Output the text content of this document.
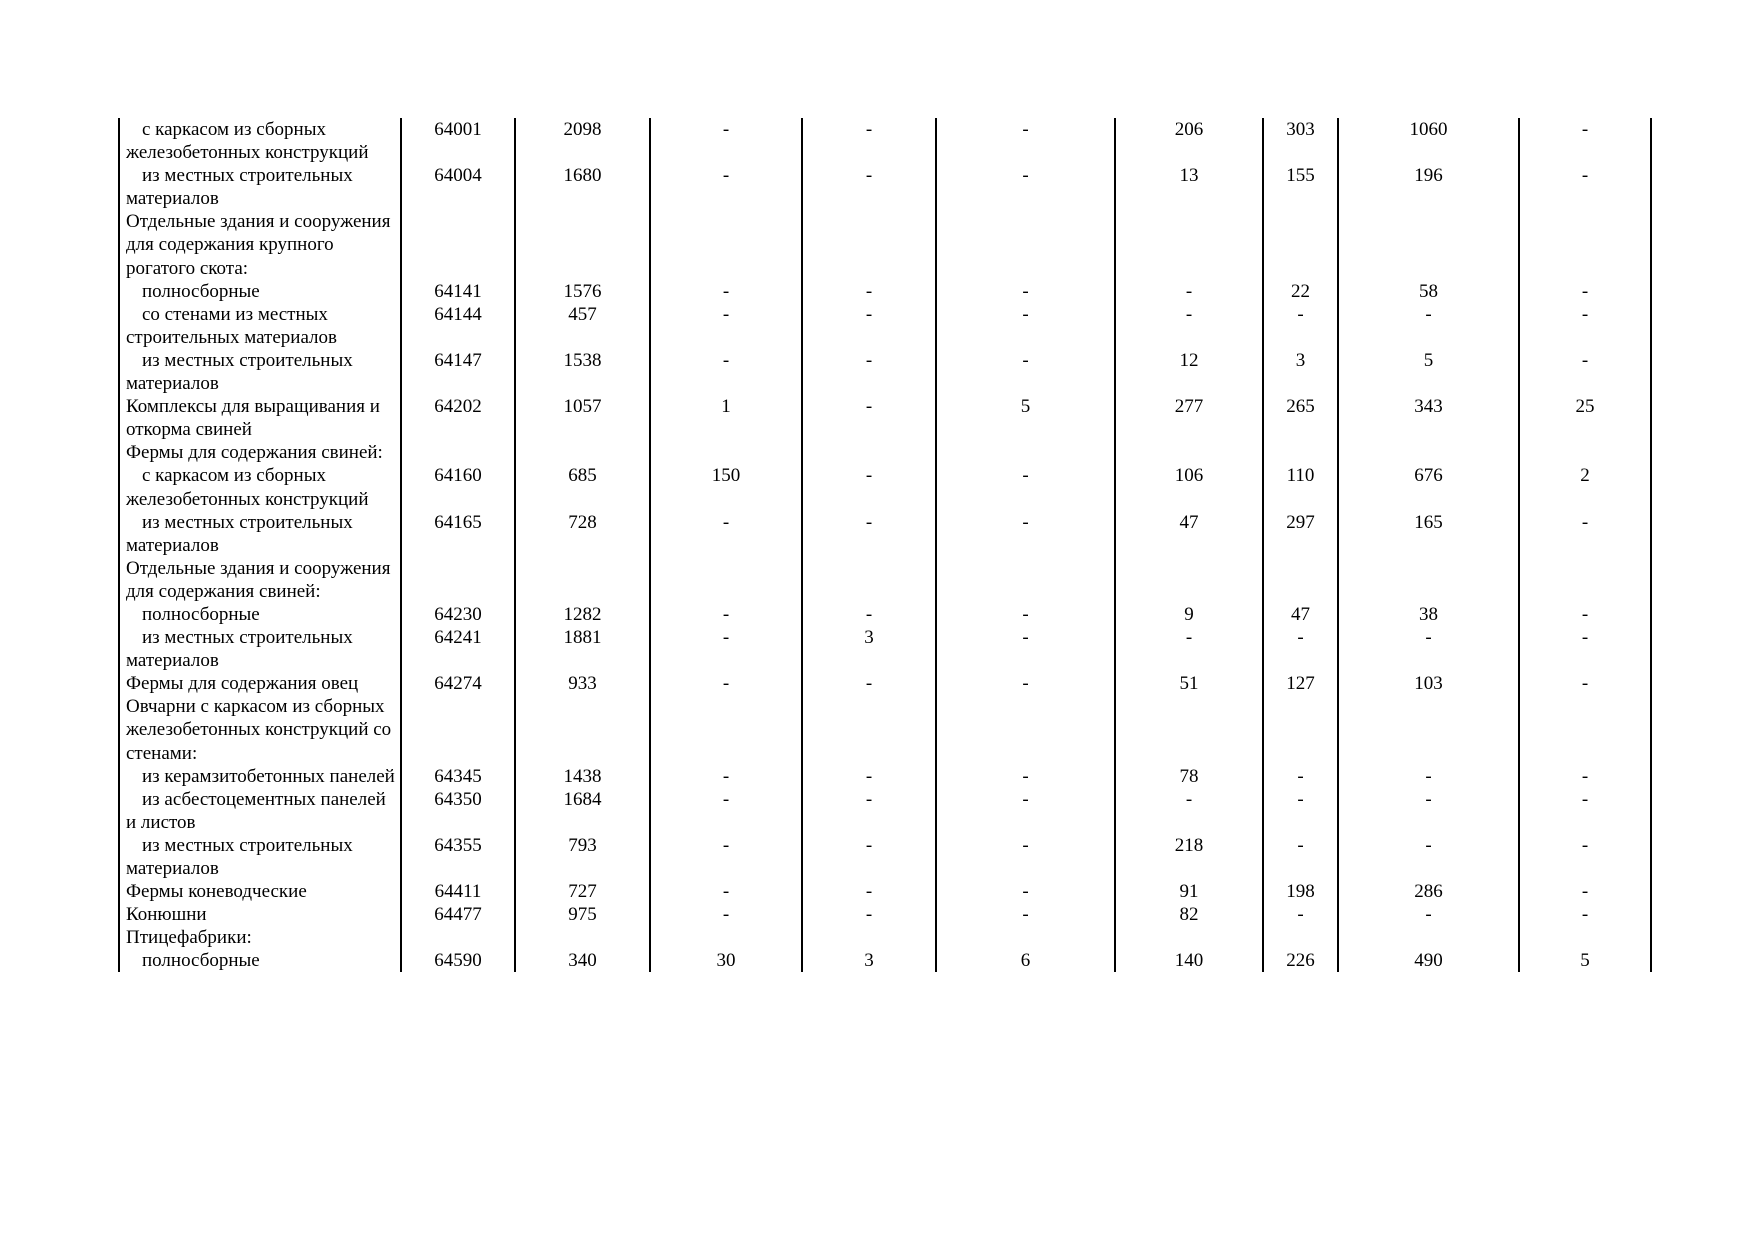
с каркасом из сборных железобетонных конструкций	64001	2098	-	-	-	206	303	1060	-

из местных строительных материалов	64004	1680	-	-	-	13	155	196	-
Отдельные здания и сооружения для содержания крупного рогатого скота:									

полносборные	64141	1576	-	-	-	-	22	58	-

со стенами из местных строительных материалов	64144	457	-	-	-	-	-	-	-

из местных строительных материалов	64147	1538	-	-	-	12	3	5	-
Комплексы для выращивания и откорма свиней	64202	1057	1	-	5	277	265	343	25
Фермы для содержания свиней:									

с каркасом из сборных железобетонных конструкций	64160	685	150	-	-	106	110	676	2

из местных строительных материалов	64165	728	-	-	-	47	297	165	-
Отдельные здания и сооружения для содержания свиней:									

полносборные	64230	1282	-	-	-	9	47	38	-

из местных строительных материалов	64241	1881	-	3	-	-	-	-	-
Фермы для содержания овец	64274	933	-	-	-	51	127	103	-
Овчарни с каркасом из сборных железобетонных конструкций со стенами:									

из керамзитобетонных панелей	64345	1438	-	-	-	78	-	-	-

из асбестоцементных панелей и листов	64350	1684	-	-	-	-	-	-	-

из местных строительных материалов	64355	793	-	-	-	218	-	-	-
Фермы коневодческие	64411	727	-	-	-	91	198	286	-
Конюшни	64477	975	-	-	-	82	-	-	-
Птицефабрики:									

полносборные	64590	340	30	3	6	140	226	490	5
